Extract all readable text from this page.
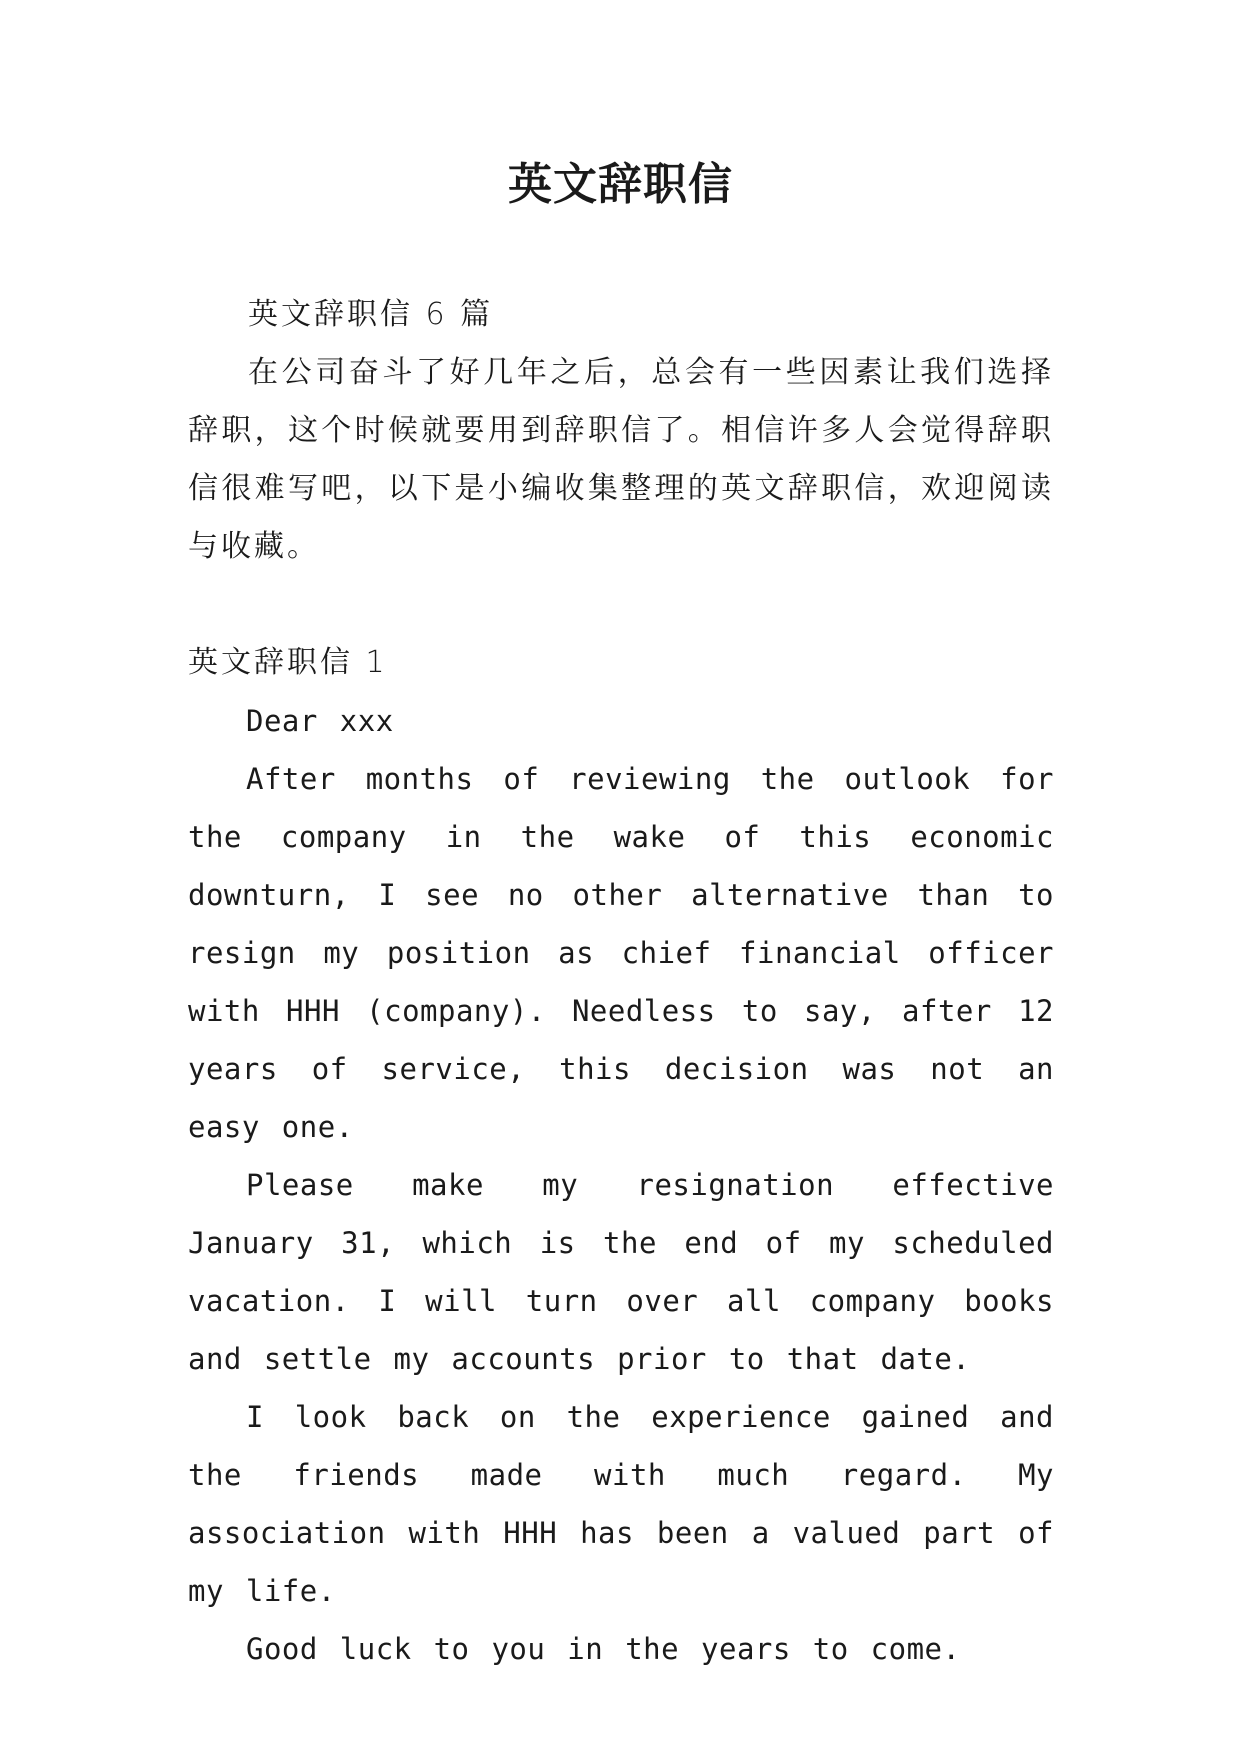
英文辞职信

英文辞职信 6 篇

在公司奋斗了好几年之后，总会有一些因素让我们选择辞职，这个时候就要用到辞职信了。相信许多人会觉得辞职信很难写吧，以下是小编收集整理的英文辞职信，欢迎阅读与收藏。

英文辞职信 1

Dear xxx

After months of reviewing the outlook for the company in the wake of this economic downturn, I see no other alternative than to resign my position as chief financial officer with HHH (company). Needless to say, after 12 years of service, this decision was not an easy one.

Please make my resignation effective January 31, which is the end of my scheduled vacation. I will turn over all company books and settle my accounts prior to that date.

I look back on the experience gained and the friends made with much regard. My association with HHH has been a valued part of my life.

Good luck to you in the years to come.
